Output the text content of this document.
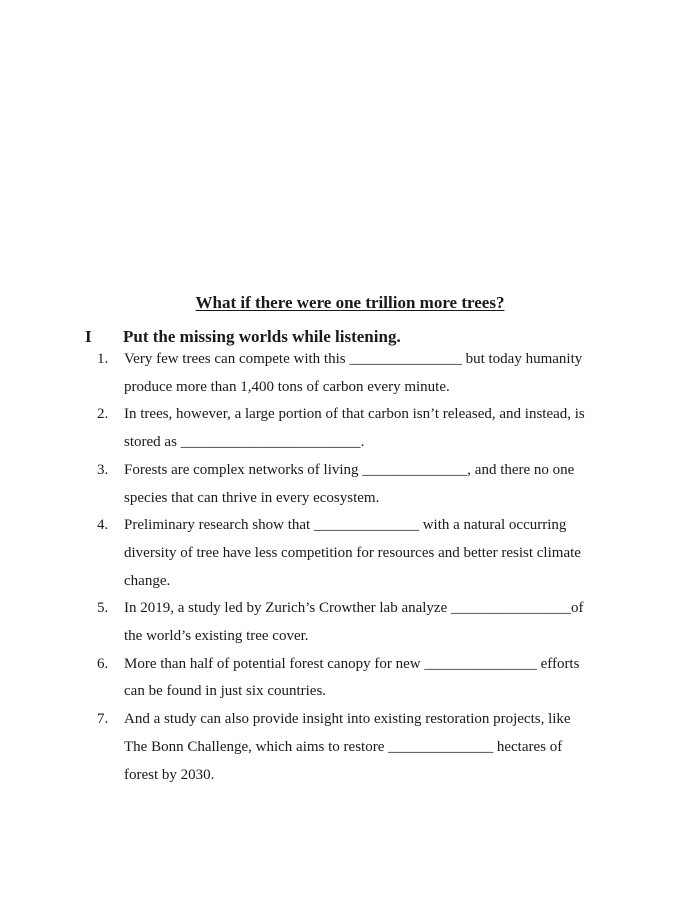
What if there were one trillion more trees?
I Put the missing worlds while listening.
1. Very few trees can compete with this _______________ but today humanity
produce more than 1,400 tons of carbon every minute.
2. In trees, however, a large portion of that carbon isn’t released, and instead, is
stored as ________________________.
3. Forests are complex networks of living ______________, and there no one
species that can thrive in every ecosystem.
4. Preliminary research show that ______________ with a natural occurring
diversity of tree have less competition for resources and better resist climate
change.
5. In 2019, a study led by Zurich’s Crowther lab analyze ________________of
the world’s existing tree cover.
6. More than half of potential forest canopy for new _______________ efforts
can be found in just six countries.
7. And a study can also provide insight into existing restoration projects, like
The Bonn Challenge, which aims to restore ______________ hectares of
forest by 2030.
